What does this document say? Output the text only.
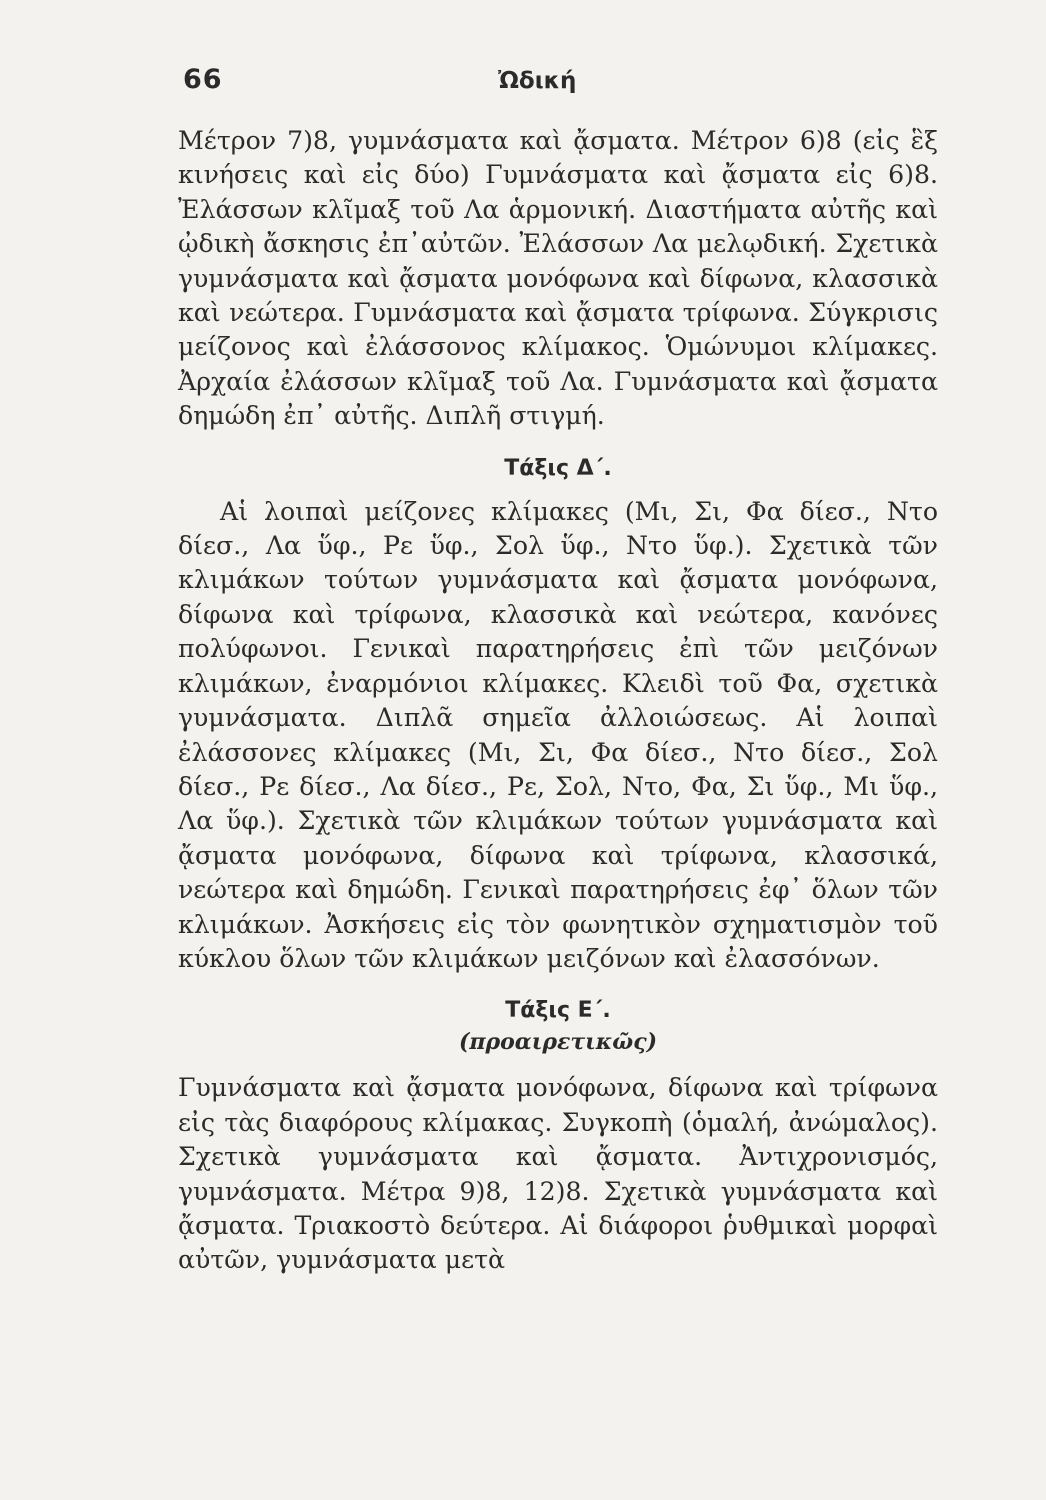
66	Ὠδική

Μέτρον 7)8, γυμνάσματα καὶ ᾄσματα. Μέτρον 6)8 (εἰς ἓξ κινήσεις καὶ εἰς δύο) Γυμνάσματα καὶ ᾄσματα εἰς 6)8. Ἐλάσσων κλῖμαξ τοῦ Λα ἁρμονική. Διαστήματα αὐτῆς καὶ ᾠδικὴ ἄσκησις ἐπ᾽αὐτῶν. Ἐλάσσων Λα μελῳδική. Σχετικὰ γυμνάσματα καὶ ᾄσματα μονόφωνα καὶ δίφωνα, κλασσικὰ καὶ νεώτερα. Γυμνάσματα καὶ ᾄσματα τρίφωνα. Σύγκρισις μείζονος καὶ ἐλάσσονος κλίμακος. Ὁμώνυμοι κλίμακες. Ἀρχαία ἐλάσσων κλῖμαξ τοῦ Λα. Γυμνάσματα καὶ ᾄσματα δημώδη ἐπ᾽ αὐτῆς. Διπλῆ στιγμή.

Τάξις Δ΄.

Αἱ λοιπαὶ μείζονες κλίμακες (Μι, Σι, Φα δίεσ., Ντο δίεσ., Λα ὕφ., Ρε ὕφ., Σολ ὕφ., Ντο ὕφ.). Σχετικὰ τῶν κλιμάκων τούτων γυμνάσματα καὶ ᾄσματα μονόφωνα, δίφωνα καὶ τρίφωνα, κλασσικὰ καὶ νεώτερα, κανόνες πολύφωνοι. Γενικαὶ παρατηρήσεις ἐπὶ τῶν μειζόνων κλιμάκων, ἐναρμόνιοι κλίμακες. Κλειδὶ τοῦ Φα, σχετικὰ γυμνάσματα. Διπλᾶ σημεῖα ἀλλοιώσεως. Αἱ λοιπαὶ ἐλάσσονες κλίμακες (Μι, Σι, Φα δίεσ., Ντο δίεσ., Σολ δίεσ., Ρε δίεσ., Λα δίεσ., Ρε, Σολ, Ντο, Φα, Σι ὕφ., Μι ὕφ., Λα ὕφ.). Σχετικὰ τῶν κλιμάκων τούτων γυμνάσματα καὶ ᾄσματα μονόφωνα, δίφωνα καὶ τρίφωνα, κλασσικά, νεώτερα καὶ δημώδη. Γενικαὶ παρατηρήσεις ἐφ᾽ ὅλων τῶν κλιμάκων. Ἀσκήσεις εἰς τὸν φωνητικὸν σχηματισμὸν τοῦ κύκλου ὅλων τῶν κλιμάκων μειζόνων καὶ ἐλασσόνων.

Τάξις Ε΄.
(προαιρετικῶς)

Γυμνάσματα καὶ ᾄσματα μονόφωνα, δίφωνα καὶ τρίφωνα εἰς τὰς διαφόρους κλίμακας. Συγκοπὴ (ὁμαλή, ἀνώμαλος). Σχετικὰ γυμνάσματα καὶ ᾄσματα. Ἀντιχρονισμός, γυμνάσματα. Μέτρα 9)8, 12)8. Σχετικὰ γυμνάσματα καὶ ᾄσματα. Τριακοστὸ δεύτερα. Αἱ διάφοροι ῥυθμικαὶ μορφαὶ αὐτῶν, γυμνάσματα μετὰ
